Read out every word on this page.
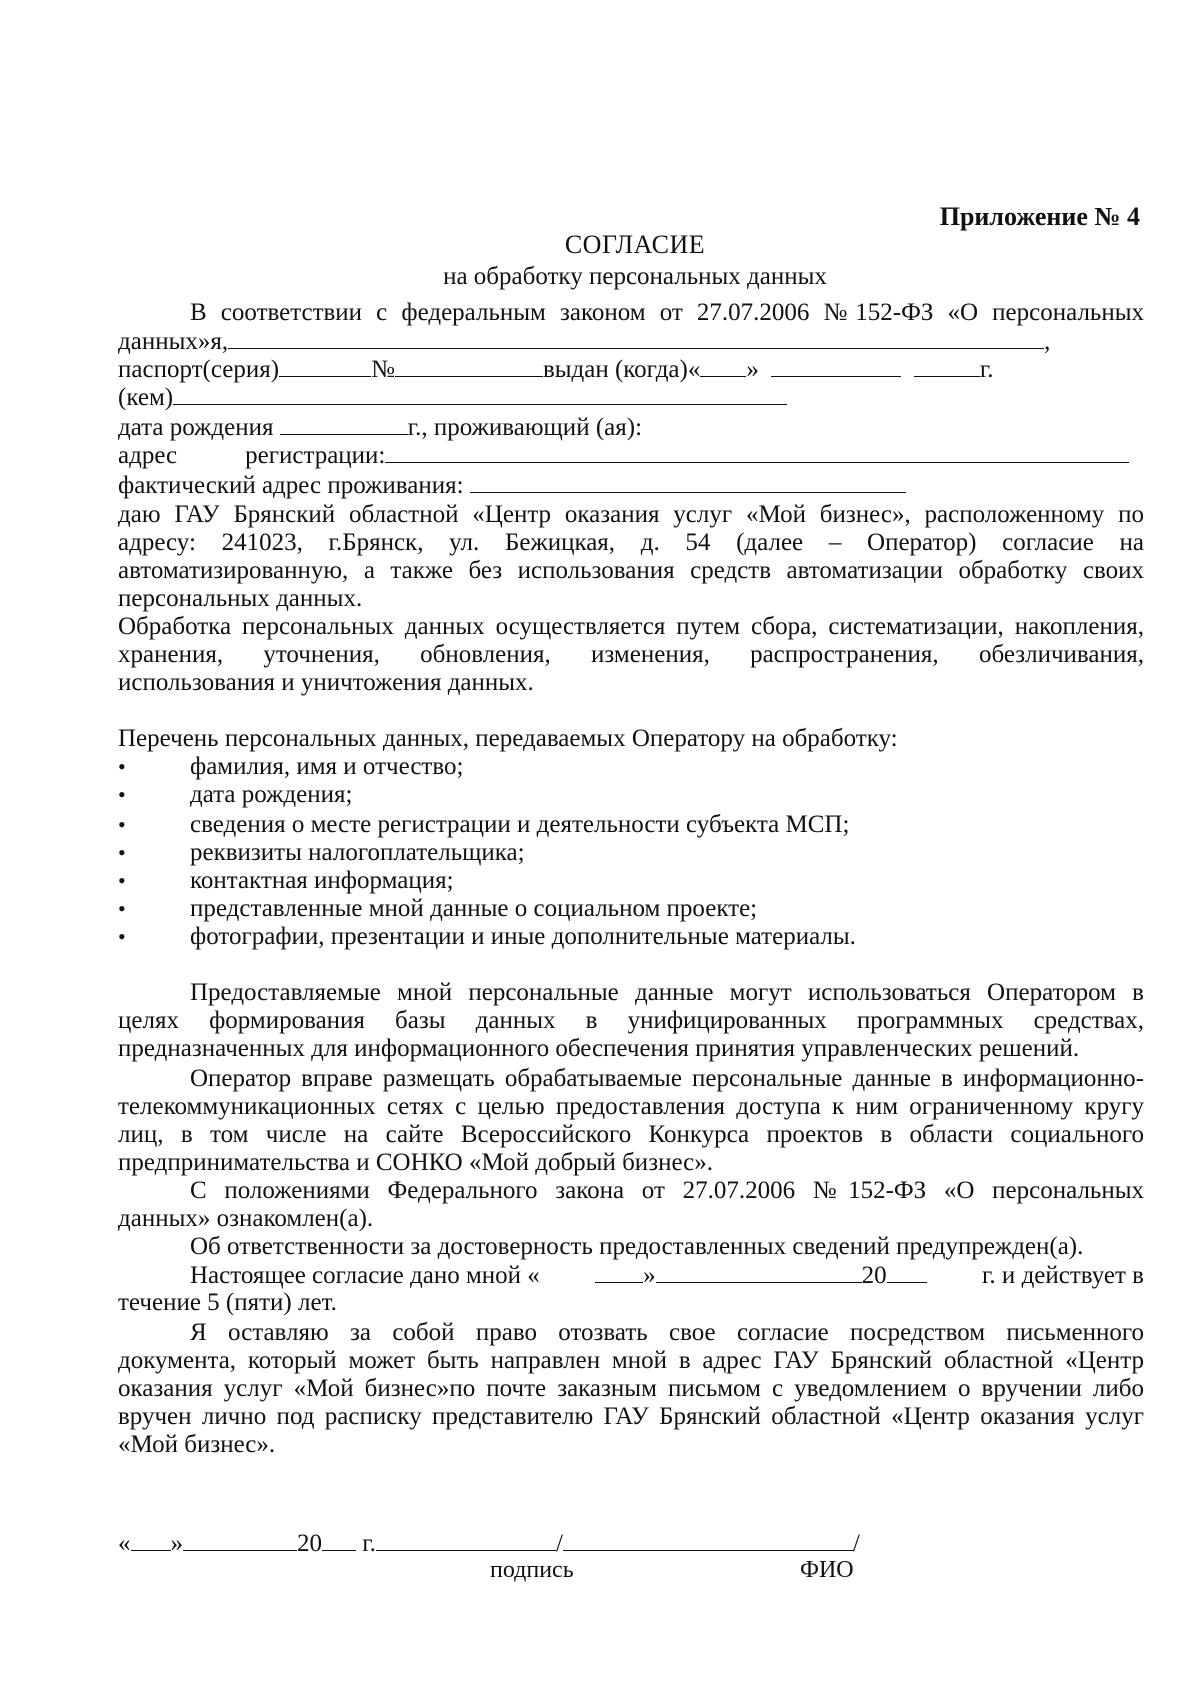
Приложение № 4
СОГЛАСИЕ
на обработку персональных данных
В соответствии с федеральным законом от 27.07.2006 №152-ФЗ «О персональных
данных»я,	,
паспорт(серия)	№	выдан (когда)« »	г.
(кем)
дата рождения	г., проживающий (ая):
адрес	регистрации:
фактический адрес проживания:
даю ГАУ Брянский областной «Центр оказания услуг «Мой бизнес», расположенному по
адресу: 241023, г.Брянск, ул. Бежицкая, д. 54 (далее – Оператор) согласие на
автоматизированную, а также без использования средств автоматизации обработку своих
персональных данных.
Обработка персональных данных осуществляется путем сбора, систематизации, накопления,
хранения, уточнения, обновления, изменения, распространения, обезличивания,
использования и уничтожения данных.
Перечень персональных данных, передаваемых Оператору на обработку:
•	фамилия, имя и отчество;
•	дата рождения;
•	сведения о месте регистрации и деятельности субъекта МСП;
•	реквизиты налогоплательщика;
•	контактная информация;
•	представленные мной данные о социальном проекте;
•	фотографии, презентации и иные дополнительные материалы.
Предоставляемые мной персональные данные могут использоваться Оператором в
целях формирования базы данных в унифицированных программных средствах,
предназначенных для информационного обеспечения принятия управленческих решений.
Оператор вправе размещать обрабатываемые персональные данные в информационно-
телекоммуникационных сетях с целью предоставления доступа к ним ограниченному кругу
лиц, в том числе на сайте Всероссийского Конкурса проектов в области социального
предпринимательства и СОНКО «Мой добрый бизнес».
С положениями Федерального закона от 27.07.2006 №152-ФЗ «О персональных
данных» ознакомлен(а).
Об ответственности за достоверность предоставленных сведений предупрежден(а).
Настоящее согласие дано мной «	»	20	г. и действует в
течение 5 (пяти) лет.
Я оставляю за собой право отозвать свое согласие посредством письменного
документа, который может быть направлен мной в адрес ГАУ Брянский областной «Центр
оказания услуг «Мой бизнес»по почте заказным письмом с уведомлением о вручении либо
вручен лично под расписку представителю ГАУ Брянский областной «Центр оказания услуг
«Мой бизнес».
« »	20 г.	/	/
подпись	ФИО
